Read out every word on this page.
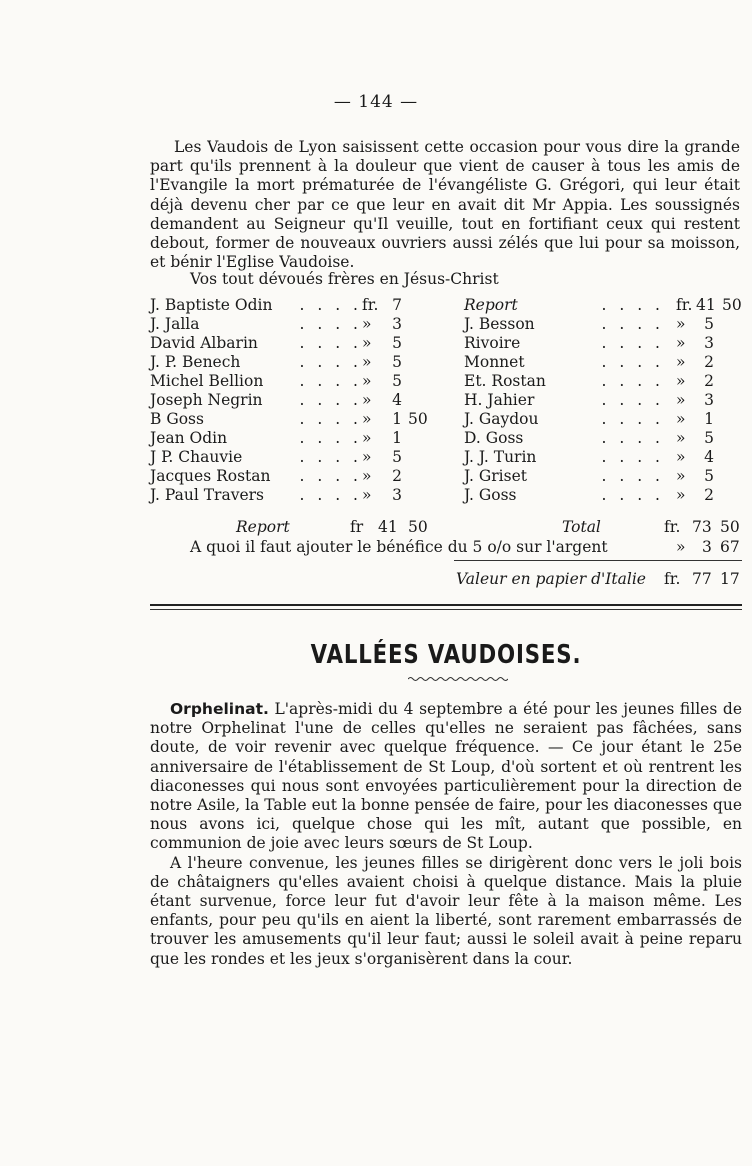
— 144 —
Les Vaudois de Lyon saisissent cette occasion pour vous dire la grande part qu'ils prennent à la douleur que vient de causer à tous les amis de l'Evangile la mort prématurée de l'évangéliste G. Grégori, qui leur était déjà devenu cher par ce que leur en avait dit Mr Appia. Les soussignés demandent au Seigneur qu'Il veuille, tout en fortifiant ceux qui restent debout, former de nouveaux ouvriers aussi zélés que lui pour sa moisson, et bénir l'Eglise Vaudoise.
Vos tout dévoués frères en Jésus-Christ
J. Baptiste Odin . . . . fr. 7
J. Jalla	. . . . »	3
David Albarin	. . . . »	5
J. P. Benech	. . . . »	5
Michel Bellion . . . . »	5
Joseph Negrin . . . . »	4
B Goss	. . . . »	1 50
Jean Odin	. . . . »	1
J P. Chauvie	. . . . »	5
Jacques Rostan . . . . »	2
J. Paul Travers . . . . »	3
Report	. . . . fr. 41 50
J. Besson	. . . . »	5
Rivoire	. . . . »	3
Monnet	. . . . »	2
Et. Rostan	. . . . »	2
H. Jahier	. . . . »	3
J. Gaydou	. . . . »	1
D. Goss	. . . . »	5
J. J. Turin	. . . . »	4
J. Griset	. . . . »	5
J. Goss	. . . . »	2
Report	fr 41 50	Total	fr. 73 50
A quoi il faut ajouter le bénéfice du 5 o/o sur l'argent	» 3 67
Valeur en papier d'Italie fr. 77 17
VALLÉES VAUDOISES.
Orphelinat. L'après-midi du 4 septembre a été pour les jeunes filles de notre Orphelinat l'une de celles qu'elles ne seraient pas fâchées, sans doute, de voir revenir avec quelque fréquence. — Ce jour étant le 25e anniversaire de l'établissement de St Loup, d'où sortent et où rentrent les diaconesses qui nous sont envoyées particulièrement pour la direction de notre Asile, la Table eut la bonne pensée de faire, pour les diaconesses que nous avons ici, quelque chose qui les mît, autant que possible, en communion de joie avec leurs sœurs de St Loup.
A l'heure convenue, les jeunes filles se dirigèrent donc vers le joli bois de châtaigners qu'elles avaient choisi à quelque distance. Mais la pluie étant survenue, force leur fut d'avoir leur fête à la maison même. Les enfants, pour peu qu'ils en aient la liberté, sont rarement embarrassés de trouver les amusements qu'il leur faut; aussi le soleil avait à peine reparu que les rondes et les jeux s'organisèrent dans la cour.
